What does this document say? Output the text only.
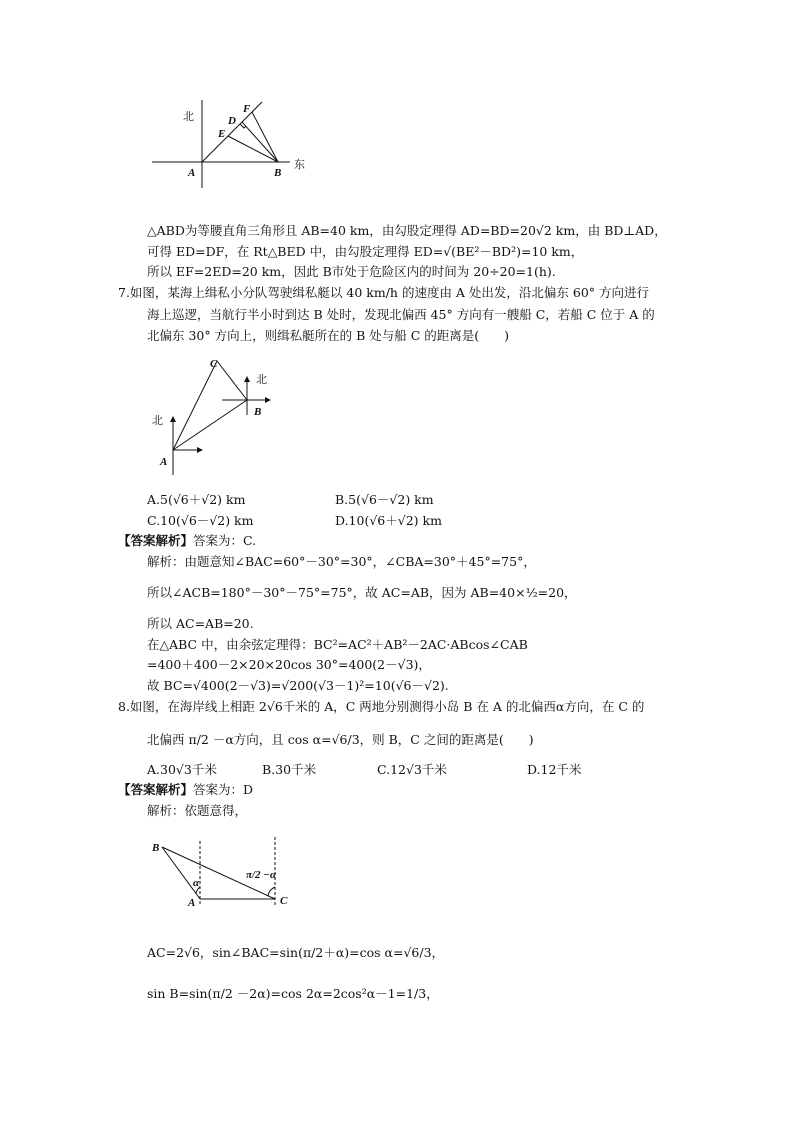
北
东
A	B
D
E
F
△ABD为等腰直角三角形且 AB=40 km，由勾股定理得 AD=BD=20√2 km，由 BD⊥AD，
可得 ED=DF，在 Rt△BED 中，由勾股定理得 ED=√(BE²－BD²)=10 km，
所以 EF=2ED=20 km，因此 B市处于危险区内的时间为 20÷20=1(h).
7.如图，某海上缉私小分队驾驶缉私艇以 40 km/h 的速度由 A 处出发，沿北偏东 60° 方向进行
海上巡逻，当航行半小时到达 B 处时，发现北偏西 45° 方向有一艘船 C，若船 C 位于 A 的
北偏东 30° 方向上，则缉私艇所在的 B 处与船 C 的距离是(　　)
北
北
A
B
C
A.5(√6＋√2) km	B.5(√6－√2) km
C.10(√6－√2) km	D.10(√6＋√2) km
【答案解析】答案为：C.
解析：由题意知∠BAC=60°－30°=30°，∠CBA=30°＋45°=75°，
所以∠ACB=180°－30°－75°=75°，故 AC=AB，因为 AB=40×½=20，
所以 AC=AB=20.
在△ABC 中，由余弦定理得：BC²=AC²＋AB²－2AC·ABcos∠CAB
=400＋400－2×20×20cos 30°=400(2－√3)，
故 BC=√400(2－√3)=√200(√3－1)²=10(√6－√2).
8.如图，在海岸线上相距 2√6千米的 A，C 两地分别测得小岛 B 在 A 的北偏西α方向，在 C 的
北偏西 π/2 －α方向，且 cos α=√6/3，则 B，C 之间的距离是(　　)
A.30√3千米	B.30千米	C.12√3千米	D.12千米
【答案解析】答案为：D
解析：依题意得，
B
A	C
α
π/2 −α
AC=2√6，sin∠BAC=sin(π/2＋α)=cos α=√6/3，
sin B=sin(π/2 －2α)=cos 2α=2cos²α－1=1/3，
